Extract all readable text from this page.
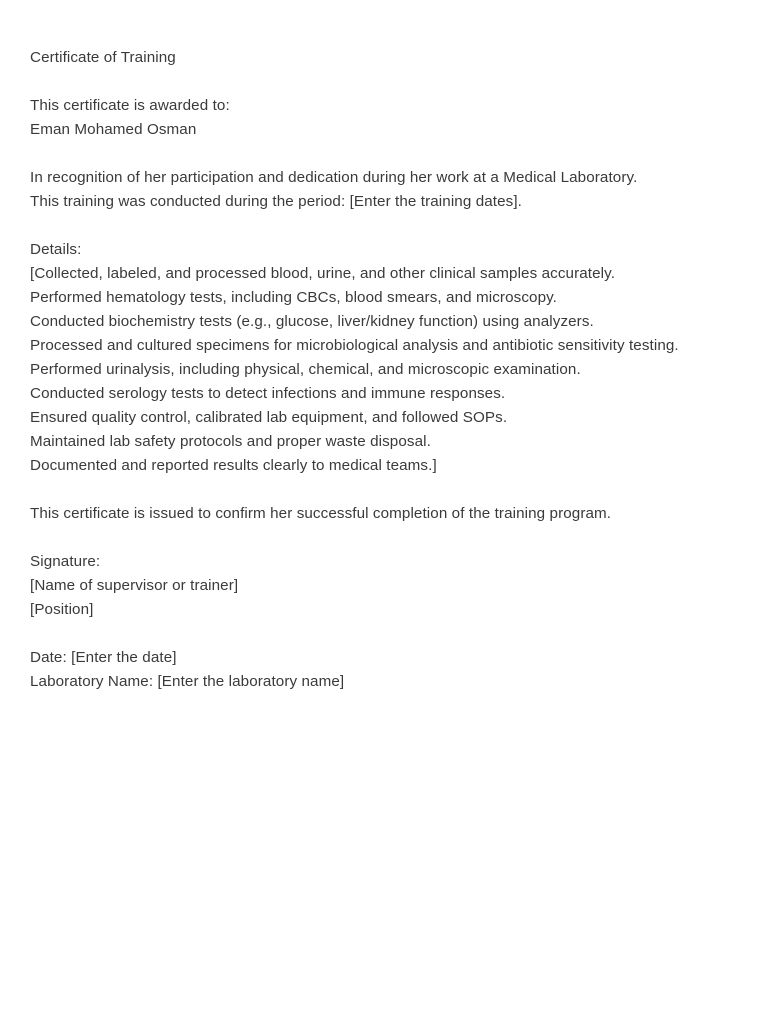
Certificate of Training
This certificate is awarded to:
Eman Mohamed Osman
In recognition of her participation and dedication during her work at a Medical Laboratory.
This training was conducted during the period: [Enter the training dates].
Details:
[Collected, labeled, and processed blood, urine, and other clinical samples accurately.
Performed hematology tests, including CBCs, blood smears, and microscopy.
Conducted biochemistry tests (e.g., glucose, liver/kidney function) using analyzers.
Processed and cultured specimens for microbiological analysis and antibiotic sensitivity testing.
Performed urinalysis, including physical, chemical, and microscopic examination.
Conducted serology tests to detect infections and immune responses.
Ensured quality control, calibrated lab equipment, and followed SOPs.
Maintained lab safety protocols and proper waste disposal.
Documented and reported results clearly to medical teams.]
This certificate is issued to confirm her successful completion of the training program.
Signature:
[Name of supervisor or trainer]
[Position]
Date: [Enter the date]
Laboratory Name: [Enter the laboratory name]
